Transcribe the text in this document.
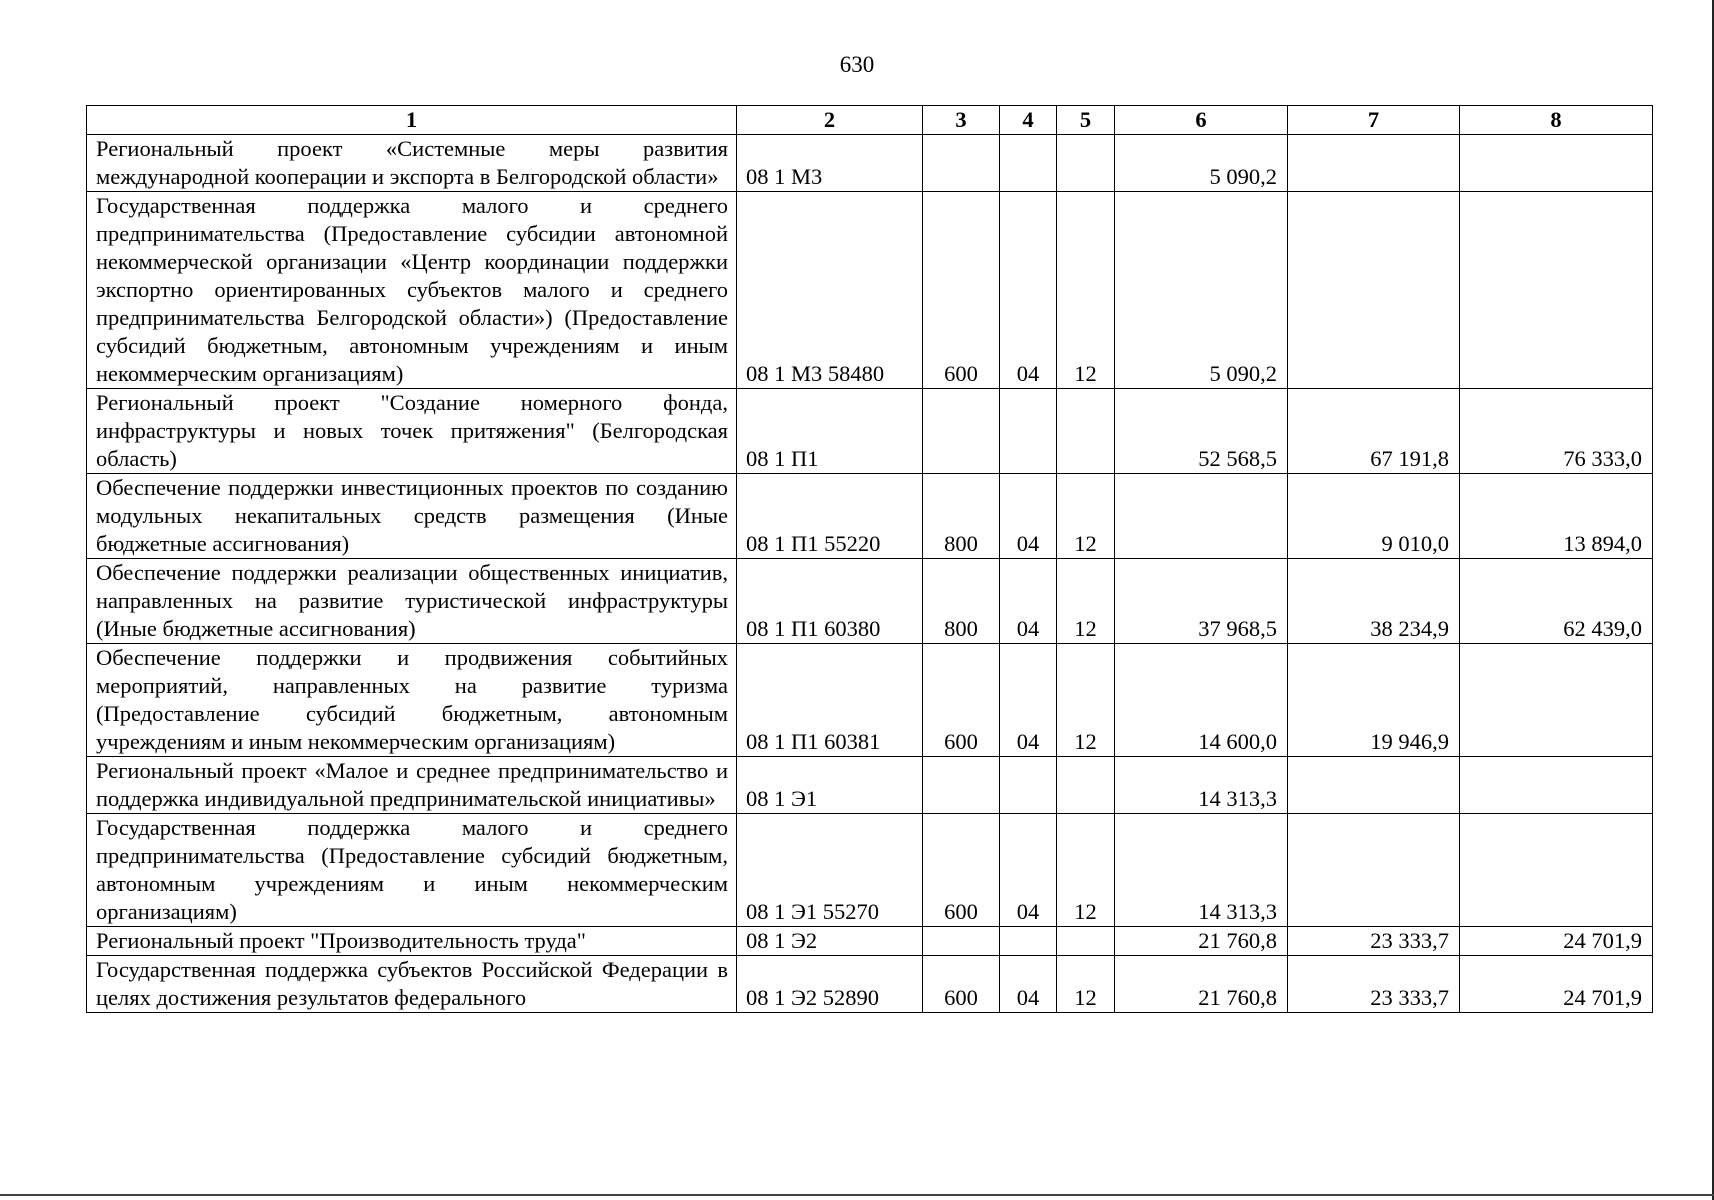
630
1	2	3	4	5	6	7	8
Региональный проект «Системные меры развития международной кооперации и экспорта в Белгородской области»	08 1 М3				5 090,2		
Государственная поддержка малого и среднего предпринимательства (Предоставление субсидии автономной некоммерческой организации «Центр координации поддержки экспортно ориентированных субъектов малого и среднего предпринимательства Белгородской области») (Предоставление субсидий бюджетным, автономным учреждениям и иным некоммерческим организациям)	08 1 М3 58480	600	04	12	5 090,2		
Региональный проект "Создание номерного фонда, инфраструктуры и новых точек притяжения" (Белгородская область)	08 1 П1				52 568,5	67 191,8	76 333,0
Обеспечение поддержки инвестиционных проектов по созданию модульных некапитальных средств размещения (Иные бюджетные ассигнования)	08 1 П1 55220	800	04	12		9 010,0	13 894,0
Обеспечение поддержки реализации общественных инициатив, направленных на развитие туристической инфраструктуры (Иные бюджетные ассигнования)	08 1 П1 60380	800	04	12	37 968,5	38 234,9	62 439,0
Обеспечение поддержки и продвижения событийных мероприятий, направленных на развитие туризма (Предоставление субсидий бюджетным, автономным учреждениям и иным некоммерческим организациям)	08 1 П1 60381	600	04	12	14 600,0	19 946,9	
Региональный проект «Малое и среднее предпринимательство и поддержка индивидуальной предпринимательской инициативы»	08 1 Э1				14 313,3		
Государственная поддержка малого и среднего предпринимательства (Предоставление субсидий бюджетным, автономным учреждениям и иным некоммерческим организациям)	08 1 Э1 55270	600	04	12	14 313,3		
Региональный проект "Производительность труда"	08 1 Э2				21 760,8	23 333,7	24 701,9
Государственная поддержка субъектов Российской Федерации в целях достижения результатов федерального	08 1 Э2 52890	600	04	12	21 760,8	23 333,7	24 701,9
